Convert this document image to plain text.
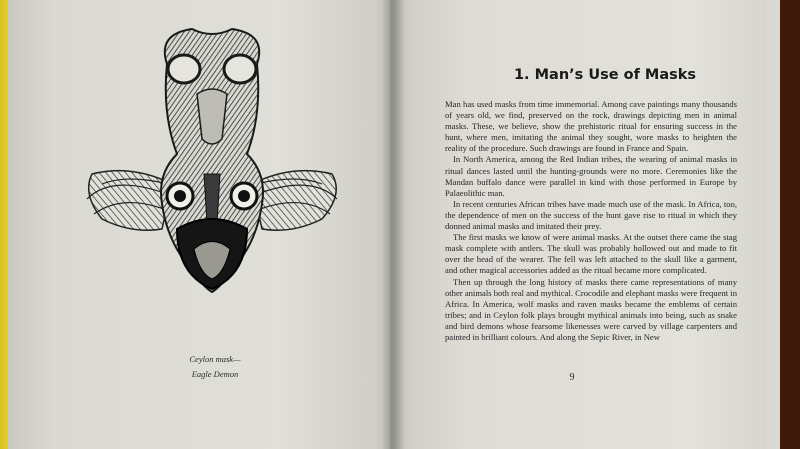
Ceylon mask—
Eagle Demon
1. Man’s Use of Masks

Man has used masks from time immemorial. Among cave paintings many thousands of years old, we find, preserved on the rock, drawings depicting men in animal masks. These, we believe, show the prehistoric ritual for ensuring success in the hunt, where men, imitating the animal they sought, wore masks to heighten the reality of the procedure. Such drawings are found in France and Spain.

In North America, among the Red Indian tribes, the wearing of animal masks in ritual dances lasted until the hunting-grounds were no more. Ceremonies like the Mandan buffalo dance were parallel in kind with those performed in Europe by Palaeolithic man.

In recent centuries African tribes have made much use of the mask. In Africa, too, the dependence of men on the success of the hunt gave rise to ritual in which they donned animal masks and imitated their prey.

The first masks we know of were animal masks. At the outset there came the stag mask complete with antlers. The skull was probably hollowed out and made to fit over the head of the wearer. The fell was left attached to the skull like a garment, and other magical accessories added as the ritual became more complicated.

Then up through the long history of masks there came representations of many other animals both real and mythical. Crocodile and elephant masks were frequent in Africa. In America, wolf masks and raven masks became the emblems of certain tribes; and in Ceylon folk plays brought mythical animals into being, such as snake and bird demons whose fearsome likenesses were carved by village carpenters and painted in brilliant colours. And along the Sepic River, in New

9
